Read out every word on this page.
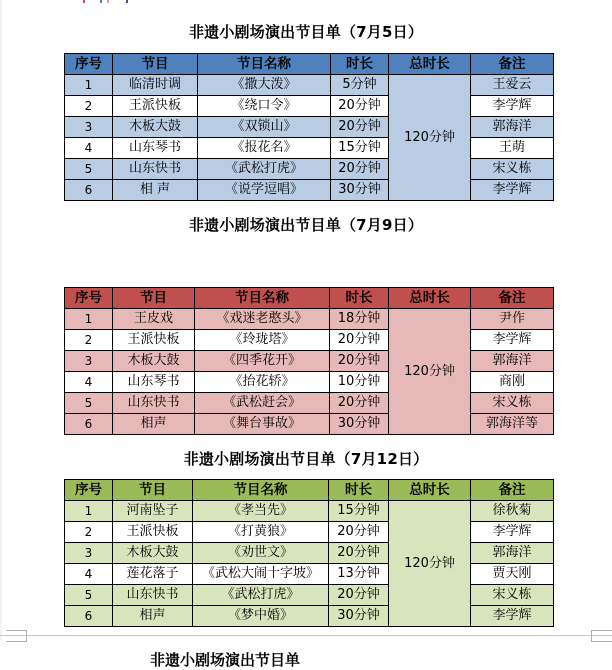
非遗小剧场演出节目单（7月5日）
序号	节目	节目名称	时长	总时长	备注
1	临清时调	《撒大泼》	5分钟	120分钟	王爱云
2	王派快板	《绕口令》	20分钟		李学辉
3	木板大鼓	《双锁山》	20分钟		郭海洋
4	山东琴书	《报花名》	15分钟		王萌
5	山东快书	《武松打虎》	20分钟		宋义栋
6	相 声	《说学逗唱》	30分钟		李学辉
非遗小剧场演出节目单（7月9日）
序号	节目	节目名称	时长	总时长	备注
1	王皮戏	《戏迷老憨头》	18分钟	120分钟	尹作
2	王派快板	《玲珑塔》	20分钟		李学辉
3	木板大鼓	《四季花开》	20分钟		郭海洋
4	山东琴书	《抬花轿》	10分钟		商刚
5	山东快书	《武松赶会》	20分钟		宋义栋
6	相声	《舞台事故》	30分钟		郭海洋等
非遗小剧场演出节目单（7月12日）
序号	节目	节目名称	时长	总时长	备注
1	河南坠子	《孝当先》	15分钟	120分钟	徐秋菊
2	王派快板	《打黄狼》	20分钟		李学辉
3	木板大鼓	《劝世文》	20分钟		郭海洋
4	莲花落子	《武松大闹十字坡》	13分钟		贾天刚
5	山东快书	《武松打虎》	20分钟		宋义栋
6	相声	《梦中婚》	30分钟		李学辉
非遗小剧场演出节目单
